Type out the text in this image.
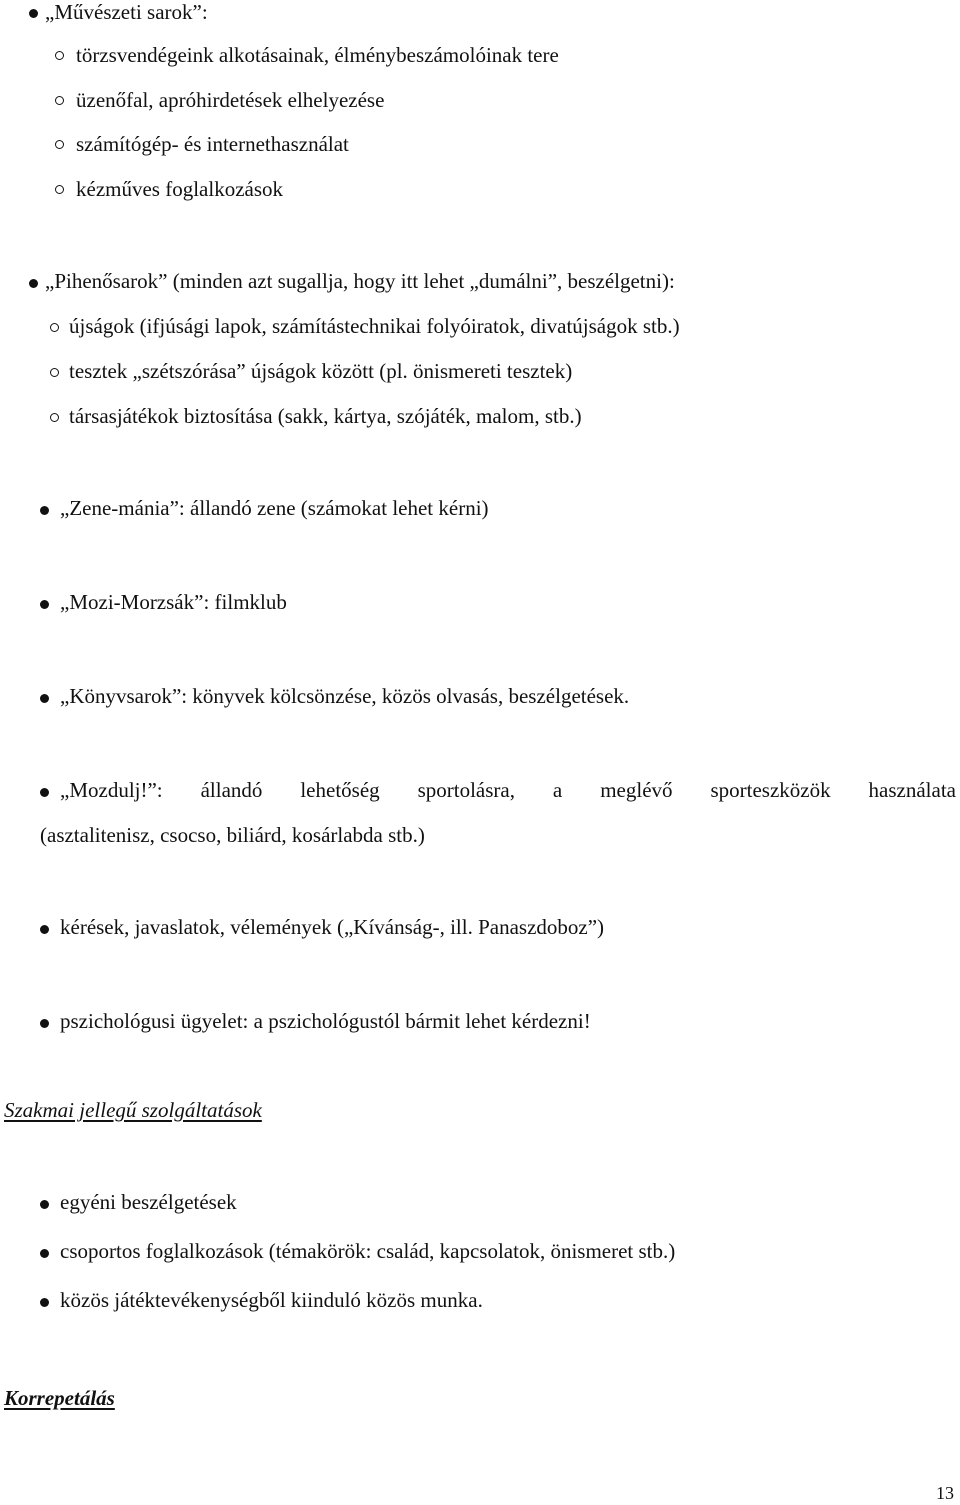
„Művészeti sarok”:
törzsvendégeink alkotásainak, élménybeszámolóinak tere
üzenőfal, apróhirdetések elhelyezése
számítógép- és internethasználat
kézműves foglalkozások
„Pihenősarok” (minden azt sugallja, hogy itt lehet „dumálni”, beszélgetni):
újságok (ifjúsági lapok, számítástechnikai folyóiratok, divatújságok stb.)
tesztek „szétszórása” újságok között (pl. önismereti tesztek)
társasjátékok biztosítása (sakk, kártya, szójáték, malom, stb.)
„Zene-mánia”: állandó zene (számokat lehet kérni)
„Mozi-Morzsák”: filmklub
„Könyvsarok”: könyvek kölcsönzése, közös olvasás, beszélgetések.
„Mozdulj!”: állandó lehetőség sportolásra, a meglévő sporteszközök használata
(asztalitenisz, csocso, biliárd, kosárlabda stb.)
kérések, javaslatok, vélemények („Kívánság-, ill. Panaszdoboz”)
pszichológusi ügyelet: a pszichológustól bármit lehet kérdezni!
Szakmai jellegű szolgáltatások
egyéni beszélgetések
csoportos foglalkozások (témakörök: család, kapcsolatok, önismeret stb.)
közös játéktevékenységből kiinduló közös munka.
Korrepetálás
13
